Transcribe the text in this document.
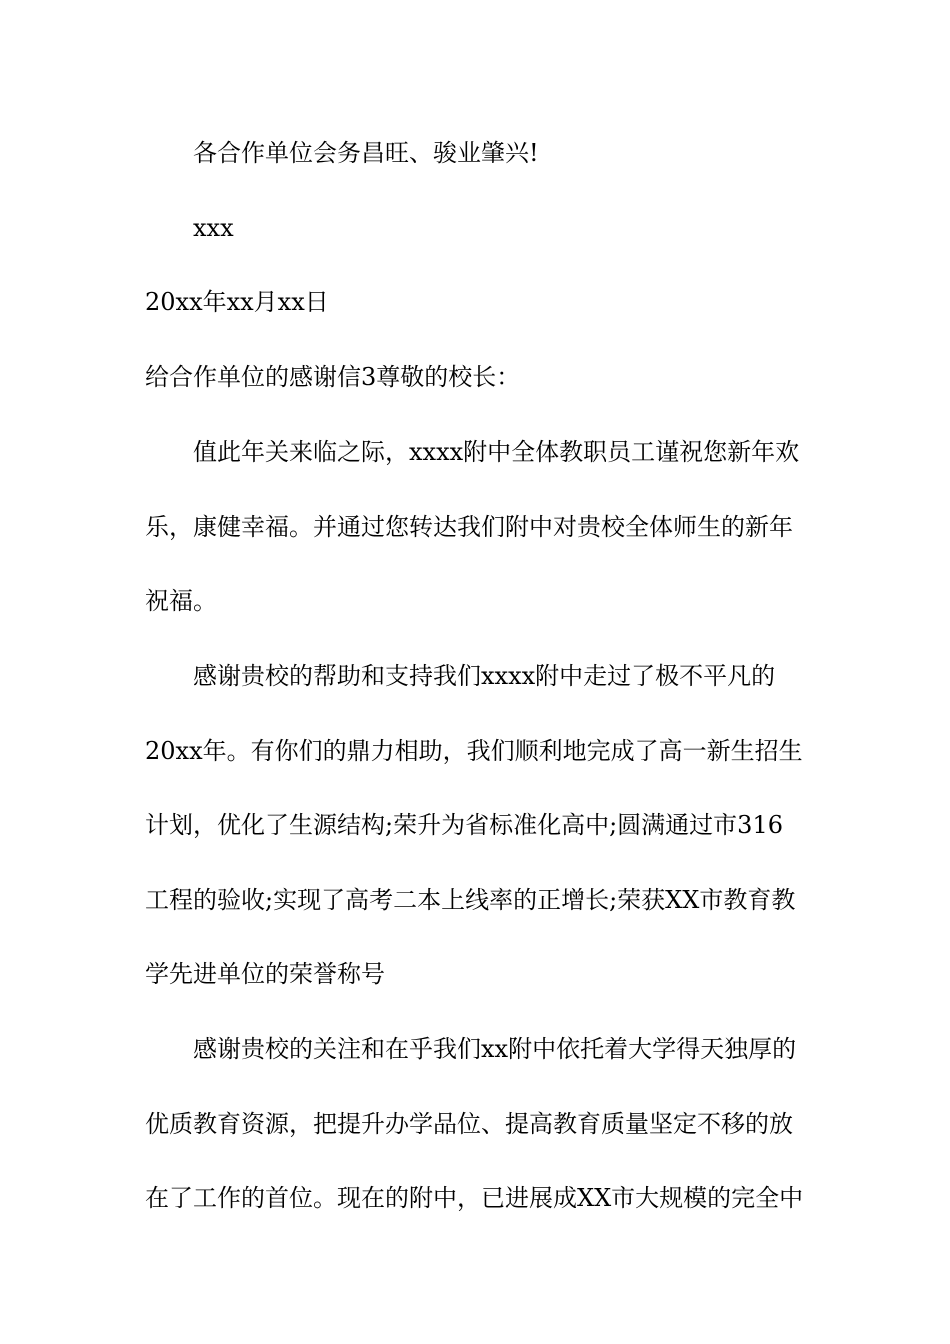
各合作单位会务昌旺、骏业肇兴!
xxx
20xx年xx月xx日
给合作单位的感谢信3尊敬的校长：
值此年关来临之际，xxxx附中全体教职员工谨祝您新年欢
乐，康健幸福。并通过您转达我们附中对贵校全体师生的新年
祝福。
感谢贵校的帮助和支持我们xxxx附中走过了极不平凡的
20xx年。有你们的鼎力相助，我们顺利地完成了高一新生招生
计划，优化了生源结构;荣升为省标准化高中;圆满通过市316
工程的验收;实现了高考二本上线率的正增长;荣获XX市教育教
学先进单位的荣誉称号
感谢贵校的关注和在乎我们xx附中依托着大学得天独厚的
优质教育资源，把提升办学品位、提高教育质量坚定不移的放
在了工作的首位。现在的附中，已进展成XX市大规模的完全中
